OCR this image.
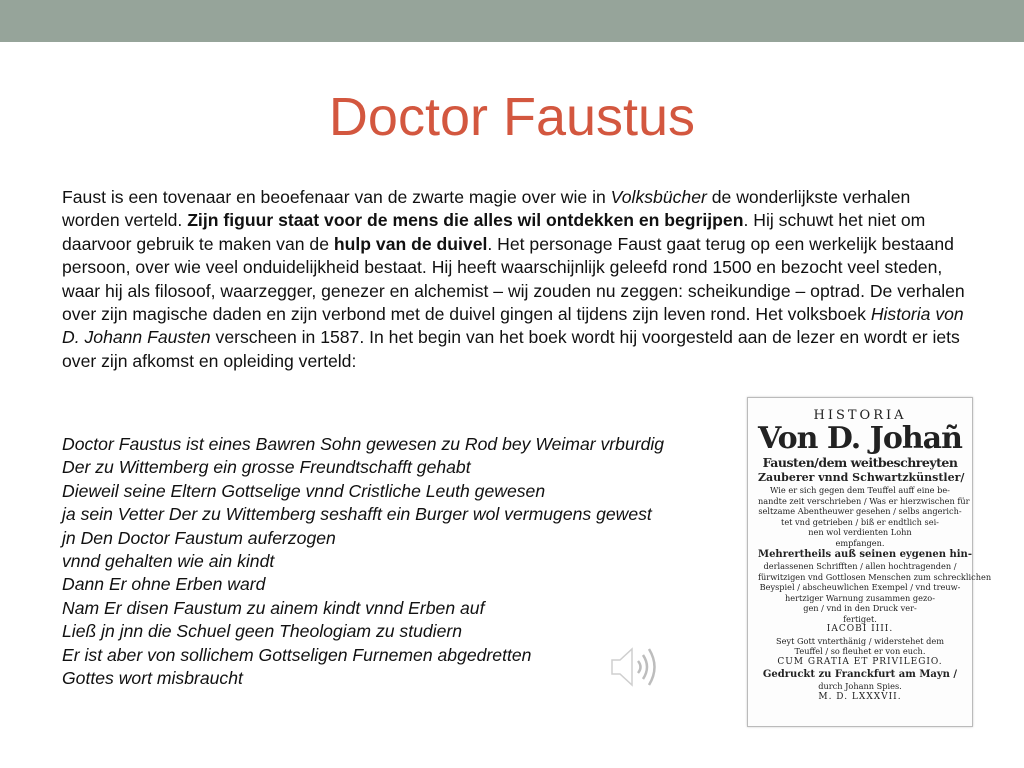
Doctor Faustus
Faust is een tovenaar en beoefenaar van de zwarte magie over wie in Volksbücher de wonderlijkste verhalen worden verteld. Zijn figuur staat voor de mens die alles wil ontdekken en begrijpen. Hij schuwt het niet om daarvoor gebruik te maken van de hulp van de duivel. Het personage Faust gaat terug op een werkelijk bestaand persoon, over wie veel onduidelijkheid bestaat. Hij heeft waarschijnlijk geleefd rond 1500 en bezocht veel steden, waar hij als filosoof, waarzegger, genezer en alchemist – wij zouden nu zeggen: scheikundige – optrad. De verhalen over zijn magische daden en zijn verbond met de duivel gingen al tijdens zijn leven rond. Het volksboek Historia von D. Johann Fausten verscheen in 1587. In het begin van het boek wordt hij voorgesteld aan de lezer en wordt er iets over zijn afkomst en opleiding verteld:
Doctor Faustus ist eines Bawren Sohn gewesen zu Rod bey Weimar vrburdig
Der zu Wittemberg ein grosse Freundtschafft gehabt
Dieweil seine Eltern Gottselige vnnd Cristliche Leuth gewesen
ja sein Vetter Der zu Wittemberg seshafft ein Burger wol vermugens gewest
jn Den Doctor Faustum auferzogen
vnnd gehalten wie ain kindt
Dann Er ohne Erben ward
Nam Er disen Faustum zu ainem kindt vnnd Erben auf
Ließ jn jnn die Schuel geen Theologiam zu studiern
Er ist aber von sollichem Gottseligen Furnemen abgedretten
Gottes wort misbraucht
HISTORIA
Von D. Johañ
Fausten/dem weitbeschreyten
Zauberer vnnd Schwartzkünstler/
Wie er sich gegen dem Teuffel auff eine be-
nandte zeit verschrieben / Was er hierzwischen für
seltzame Abentheuwer gesehen / selbs angerich-
tet vnd getrieben / biß er endtlich sei-
nen wol verdienten Lohn
empfangen.
Mehrertheils auß seinen eygenen hin-
derlassenen Schrifften / allen hochtragenden /
fürwitzigen vnd Gottlosen Menschen zum schrecklichen
Beyspiel / abscheuwlichen Exempel / vnd treuw-
hertziger Warnung zusammen gezo-
gen / vnd in den Druck ver-
fertiget.
IACOBI IIII.
Seyt Gott vnterthänig / widerstehet dem
Teuffel / so fleuhet er von euch.
CUM GRATIA ET PRIVILEGIO.
Gedruckt zu Franckfurt am Mayn /
durch Johann Spies.
M. D. LXXXVII.
